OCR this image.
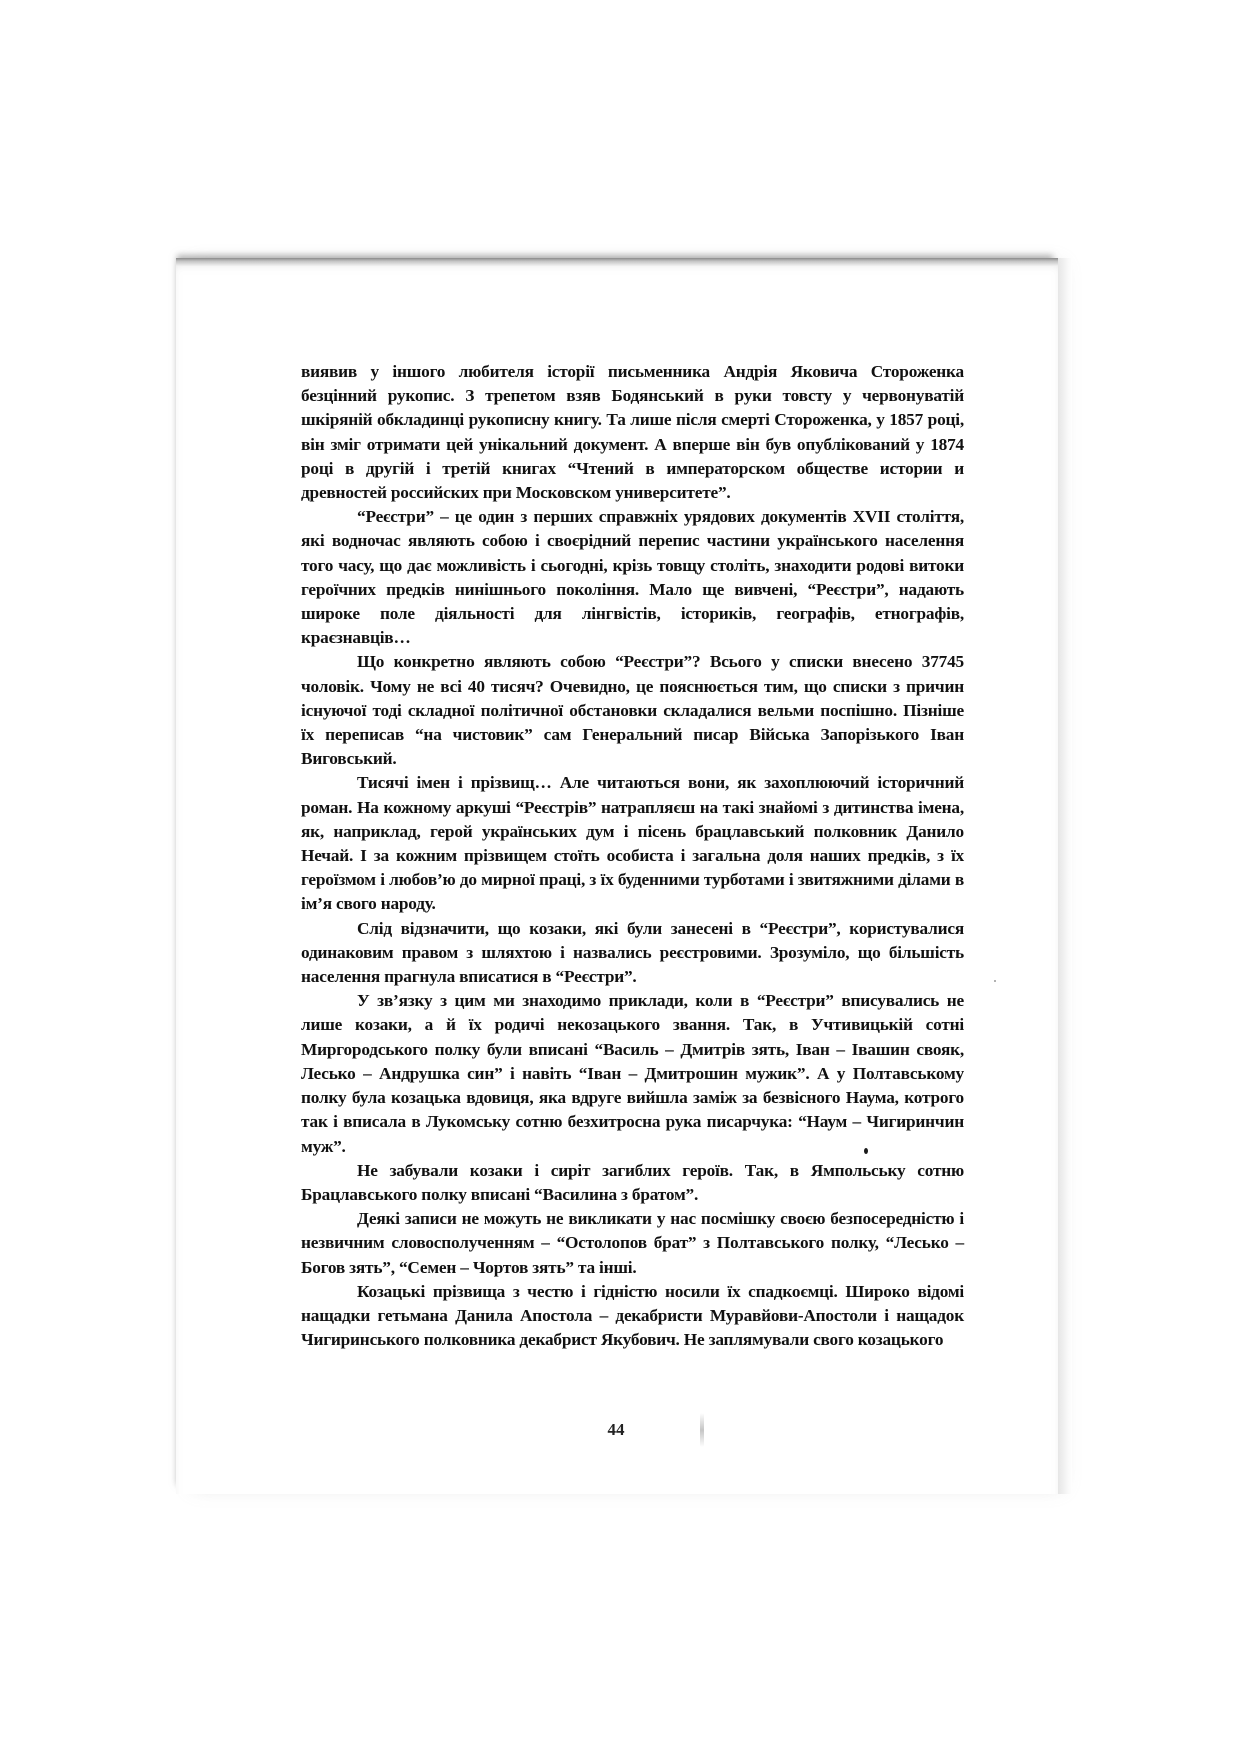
виявив у іншого любителя історії письменника Андрія Яковича Стороженка безцінний рукопис. З трепетом взяв Бодянський в руки товсту у червонуватій шкіряній обкладинці рукописну книгу. Та лише після смерті Стороженка, у 1857 році, він зміг отримати цей унікальний документ. А вперше він був опублікований у 1874 році в другій і третій книгах “Чтений в императорском обществе истории и древностей российских при Московском университете”.

“Реєстри” – це один з перших справжніх урядових документів XVII століття, які водночас являють собою і своєрідний перепис частини українського населення того часу, що дає можливість і сьогодні, крізь товщу століть, знаходити родові витоки героїчних предків нинішнього покоління. Мало ще вивчені, “Реєстри”, надають широке поле діяльності для лінгвістів, істориків, географів, етнографів, краєзнавців…

Що конкретно являють собою “Реєстри”? Всього у списки внесено 37745 чоловік. Чому не всі 40 тисяч? Очевидно, це пояснюється тим, що списки з причин існуючої тоді складної політичної обстановки складалися вельми поспішно. Пізніше їх переписав “на чистовик” сам Генеральний писар Війська Запорізького Іван Виговський.

Тисячі імен і прізвищ… Але читаються вони, як захоплюючий історичний роман. На кожному аркуші “Реєстрів” натрапляєш на такі знайомі з дитинства імена, як, наприклад, герой українських дум і пісень брацлавський полковник Данило Нечай. І за кожним прізвищем стоїть особиста і загальна доля наших предків, з їх героїзмом і любов’ю до мирної праці, з їх буденними турботами і звитяжними ділами в ім’я свого народу.

Слід відзначити, що козаки, які були занесені в “Реєстри”, користувалися одинаковим правом з шляхтою і назвались реєстровими. Зрозуміло, що більшість населення прагнула вписатися в “Реєстри”.

У зв’язку з цим ми знаходимо приклади, коли в “Реєстри” вписувались не лише козаки, а й їх родичі некозацького звання. Так, в Учтивицькій сотні Миргородського полку були вписані “Василь – Дмитрів зять, Іван – Івашин свояк, Лесько – Андрушка син” і навіть “Іван – Дмитрошин мужик”. А у Полтавському полку була козацька вдовиця, яка вдруге вийшла заміж за безвісного Наума, котрого так і вписала в Лукомську сотню безхитросна рука писарчука: “Наум – Чигиринчин муж”.

Не забували козаки і сиріт загиблих героїв. Так, в Ямпольську сотню Брацлавського полку вписані “Василина з братом”.

Деякі записи не можуть не викликати у нас посмішку своєю безпосередністю і незвичним словосполученням – “Остолопов брат” з Полтавського полку, “Лесько – Богов зять”, “Семен – Чортов зять” та інші.

Козацькі прізвища з честю і гідністю носили їх спадкоємці. Широко відомі нащадки гетьмана Данила Апостола – декабристи Муравйови-Апостоли і нащадок Чигиринського полковника декабрист Якубович. Не заплямували свого козацького

44
